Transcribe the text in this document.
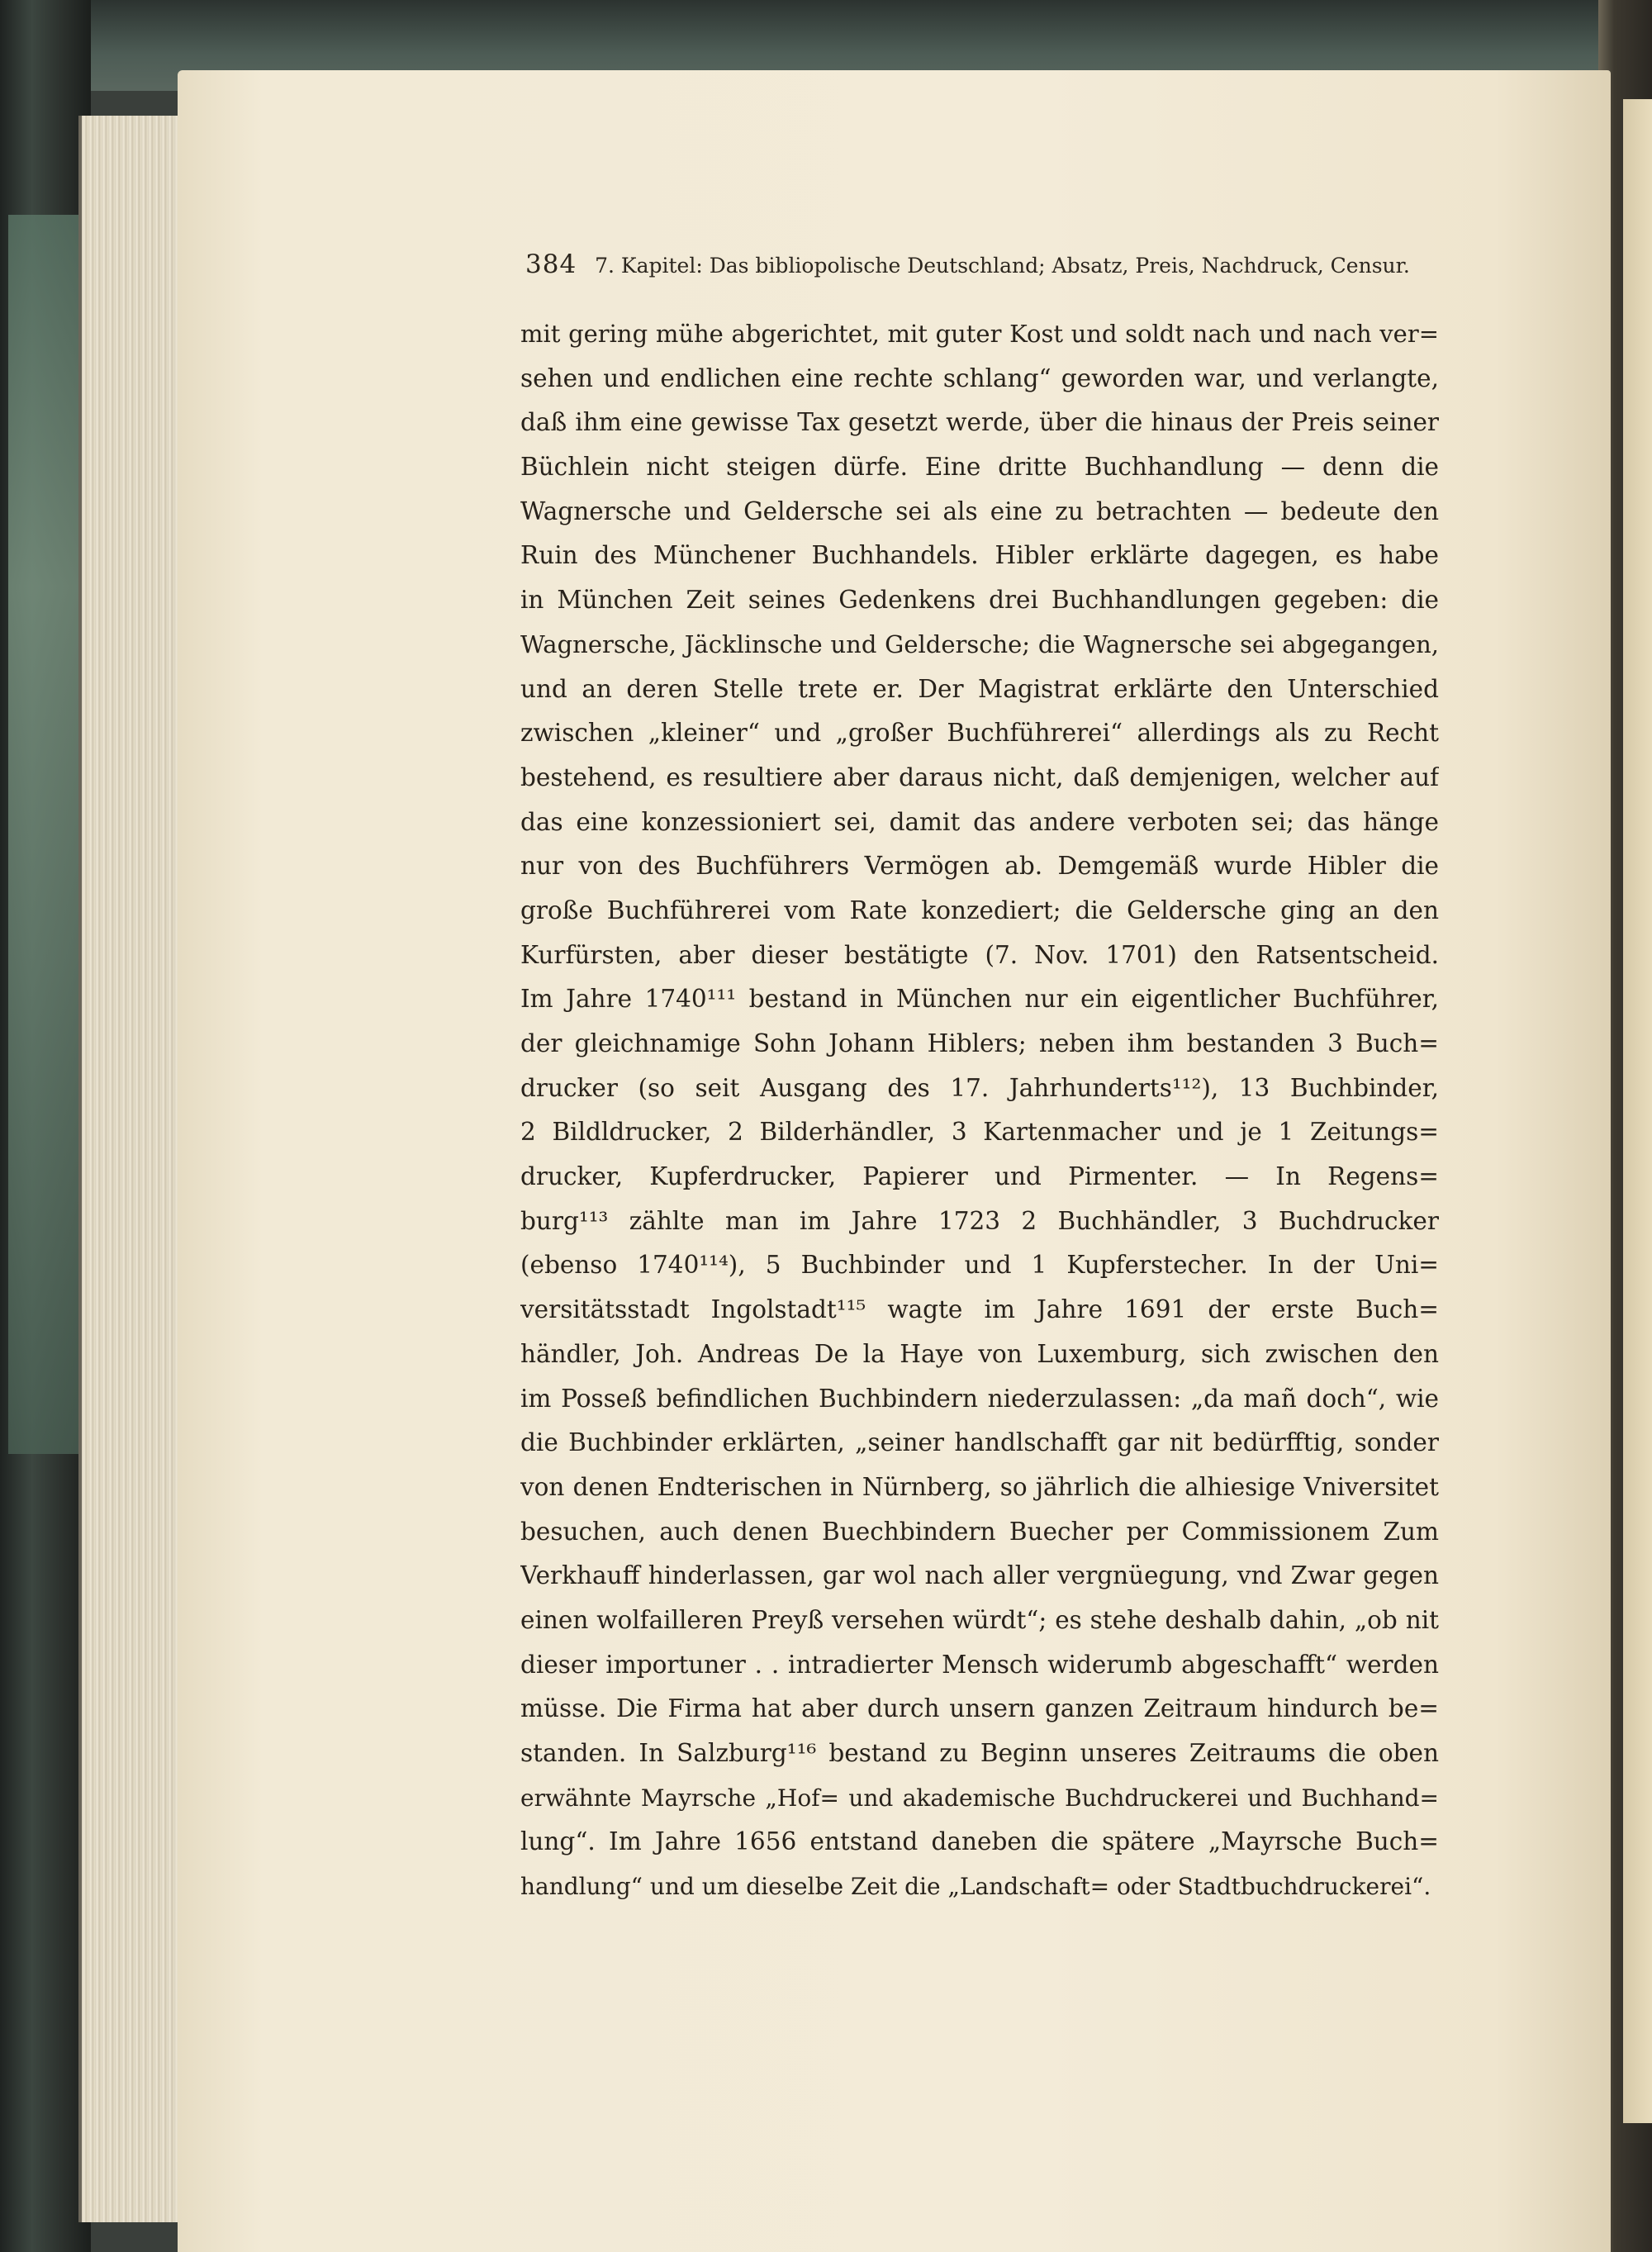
384 7. Kapitel: Das bibliopolische Deutschland; Absatz, Preis, Nachdruck, Censur.
mit gering mühe abgerichtet, mit guter Kost und soldt nach und nach ver=
sehen und endlichen eine rechte schlang“ geworden war, und verlangte,
daß ihm eine gewisse Tax gesetzt werde, über die hinaus der Preis seiner
Büchlein nicht steigen dürfe. Eine dritte Buchhandlung — denn die
Wagnersche und Geldersche sei als eine zu betrachten — bedeute den
Ruin des Münchener Buchhandels. Hibler erklärte dagegen, es habe
in München Zeit seines Gedenkens drei Buchhandlungen gegeben: die
Wagnersche, Jäcklinsche und Geldersche; die Wagnersche sei abgegangen,
und an deren Stelle trete er. Der Magistrat erklärte den Unterschied
zwischen „kleiner“ und „großer Buchführerei“ allerdings als zu Recht
bestehend, es resultiere aber daraus nicht, daß demjenigen, welcher auf
das eine konzessioniert sei, damit das andere verboten sei; das hänge
nur von des Buchführers Vermögen ab. Demgemäß wurde Hibler die
große Buchführerei vom Rate konzediert; die Geldersche ging an den
Kurfürsten, aber dieser bestätigte (7. Nov. 1701) den Ratsentscheid.
Im Jahre 1740¹¹¹ bestand in München nur ein eigentlicher Buchführer,
der gleichnamige Sohn Johann Hiblers; neben ihm bestanden 3 Buch=
drucker (so seit Ausgang des 17. Jahrhunderts¹¹²), 13 Buchbinder,
2 Bildldrucker, 2 Bilderhändler, 3 Kartenmacher und je 1 Zeitungs=
drucker, Kupferdrucker, Papierer und Pirmenter. — In Regens=
burg¹¹³ zählte man im Jahre 1723 2 Buchhändler, 3 Buchdrucker
(ebenso 1740¹¹⁴), 5 Buchbinder und 1 Kupferstecher. In der Uni=
versitätsstadt Ingolstadt¹¹⁵ wagte im Jahre 1691 der erste Buch=
händler, Joh. Andreas De la Haye von Luxemburg, sich zwischen den
im Posseß befindlichen Buchbindern niederzulassen: „da mañ doch“, wie
die Buchbinder erklärten, „seiner handlschafft gar nit bedürfftig, sonder
von denen Endterischen in Nürnberg, so jährlich die alhiesige Vniversitet
besuchen, auch denen Buechbindern Buecher per Commissionem Zum
Verkhauff hinderlassen, gar wol nach aller vergnüegung, vnd Zwar gegen
einen wolfailleren Preyß versehen würdt“; es stehe deshalb dahin, „ob nit
dieser importuner . . intradierter Mensch widerumb abgeschafft“ werden
müsse. Die Firma hat aber durch unsern ganzen Zeitraum hindurch be=
standen. In Salzburg¹¹⁶ bestand zu Beginn unseres Zeitraums die oben
erwähnte Mayrsche „Hof= und akademische Buchdruckerei und Buchhand=
lung“. Im Jahre 1656 entstand daneben die spätere „Mayrsche Buch=
handlung“ und um dieselbe Zeit die „Landschaft= oder Stadtbuchdruckerei“.
